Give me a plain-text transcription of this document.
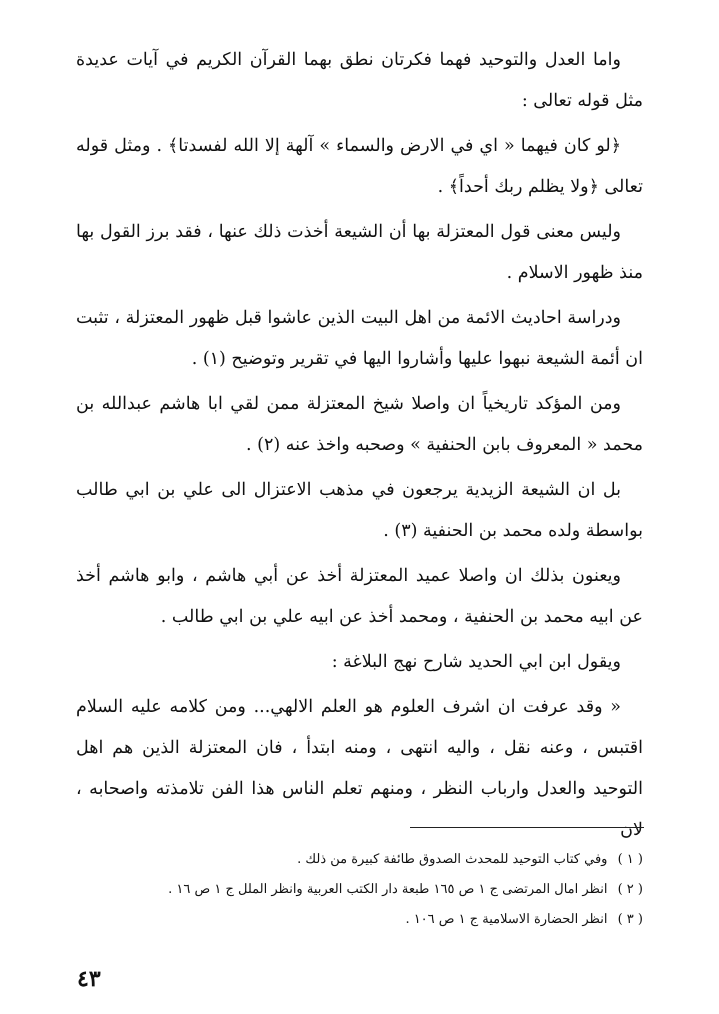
واما العدل والتوحيد فهما فكرتان نطق بهما القرآن الكريم في آيات عديدة مثل قوله تعالى :

﴿لو كان فيهما « اي في الارض والسماء » آلهة إلا الله لفسدتا﴾ . ومثل قوله تعالى ﴿ولا يظلم ربك أحداً﴾ .

وليس معنى قول المعتزلة بها أن الشيعة أخذت ذلك عنها ، فقد برز القول بها منذ ظهور الاسلام .

ودراسة احاديث الائمة من اهل البيت الذين عاشوا قبل ظهور المعتزلة ، تثبت ان أئمة الشيعة نبهوا عليها وأشاروا اليها في تقرير وتوضيح (١) .

ومن المؤكد تاريخياً ان واصلا شيخ المعتزلة ممن لقي ابا هاشم عبدالله بن محمد « المعروف بابن الحنفية » وصحبه واخذ عنه (٢) .

بل ان الشيعة الزيدية يرجعون في مذهب الاعتزال الى علي بن ابي طالب بواسطة ولده محمد بن الحنفية (٣) .

ويعنون بذلك ان واصلا عميد المعتزلة أخذ عن أبي هاشم ، وابو هاشم أخذ عن ابيه محمد بن الحنفية ، ومحمد أخذ عن ابيه علي بن ابي طالب .

ويقول ابن ابي الحديد شارح نهج البلاغة :

« وقد عرفت ان اشرف العلوم هو العلم الالهي... ومن كلامه عليه السلام اقتبس ، وعنه نقل ، واليه انتهى ، ومنه ابتدأ ، فان المعتزلة الذين هم اهل التوحيد والعدل وارباب النظر ، ومنهم تعلم الناس هذا الفن تلامذته واصحابه ، لان

( ١ ) وفي كتاب التوحيد للمحدث الصدوق طائفة كبيرة من ذلك .

( ٢ ) انظر امال المرتضى ج ١ ص ١٦٥ طبعة دار الكتب العربية وانظر الملل ج ١ ص ١٦ .

( ٣ ) انظر الحضارة الاسلامية ج ١ ص ١٠٦ .

٤٣
